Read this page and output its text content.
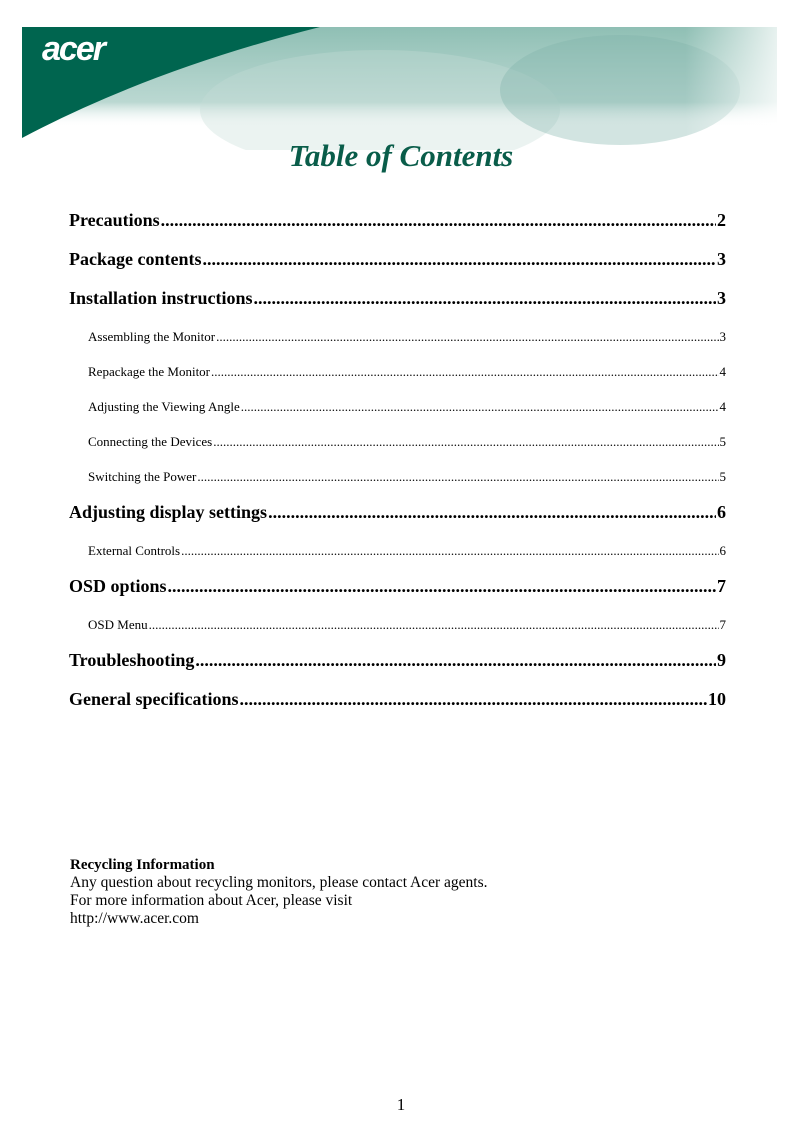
acer
Table of Contents
Precautions .....	2
Package contents .....	3
Installation instructions .....	3
Assembling the Monitor .....	3
Repackage the Monitor .....	4
Adjusting the Viewing Angle .....	4
Connecting the Devices .....	5
Switching the Power .....	5
Adjusting display settings .....	6
External Controls .....	6
OSD options .....	7
OSD Menu .....	7
Troubleshooting .....	9
General specifications .....	10
Recycling Information
Any question about recycling monitors, please contact Acer agents.
For more information about Acer, please visit
http://www.acer.com
1
